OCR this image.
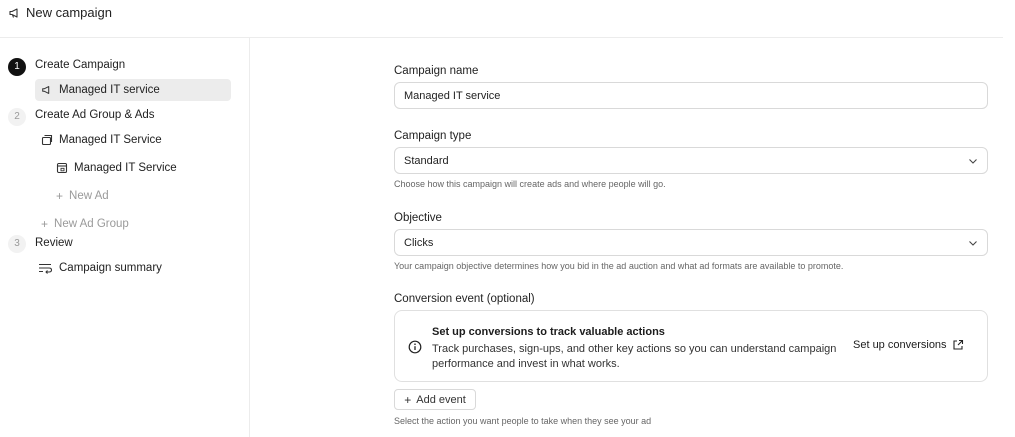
New campaign
1	Create Campaign
Managed IT service
2	Create Ad Group & Ads
Managed IT Service
Managed IT Service
+ New Ad
+ New Ad Group
3	Review
Campaign summary
Campaign name
Managed IT service
Campaign type
Standard
Choose how this campaign will create ads and where people will go.
Objective
Clicks
Your campaign objective determines how you bid in the ad auction and what ad formats are available to promote.
Conversion event (optional)
Set up conversions to track valuable actions
Track purchases, sign-ups, and other key actions so you can understand campaign performance and invest in what works.
Set up conversions
+ Add event
Select the action you want people to take when they see your ad
